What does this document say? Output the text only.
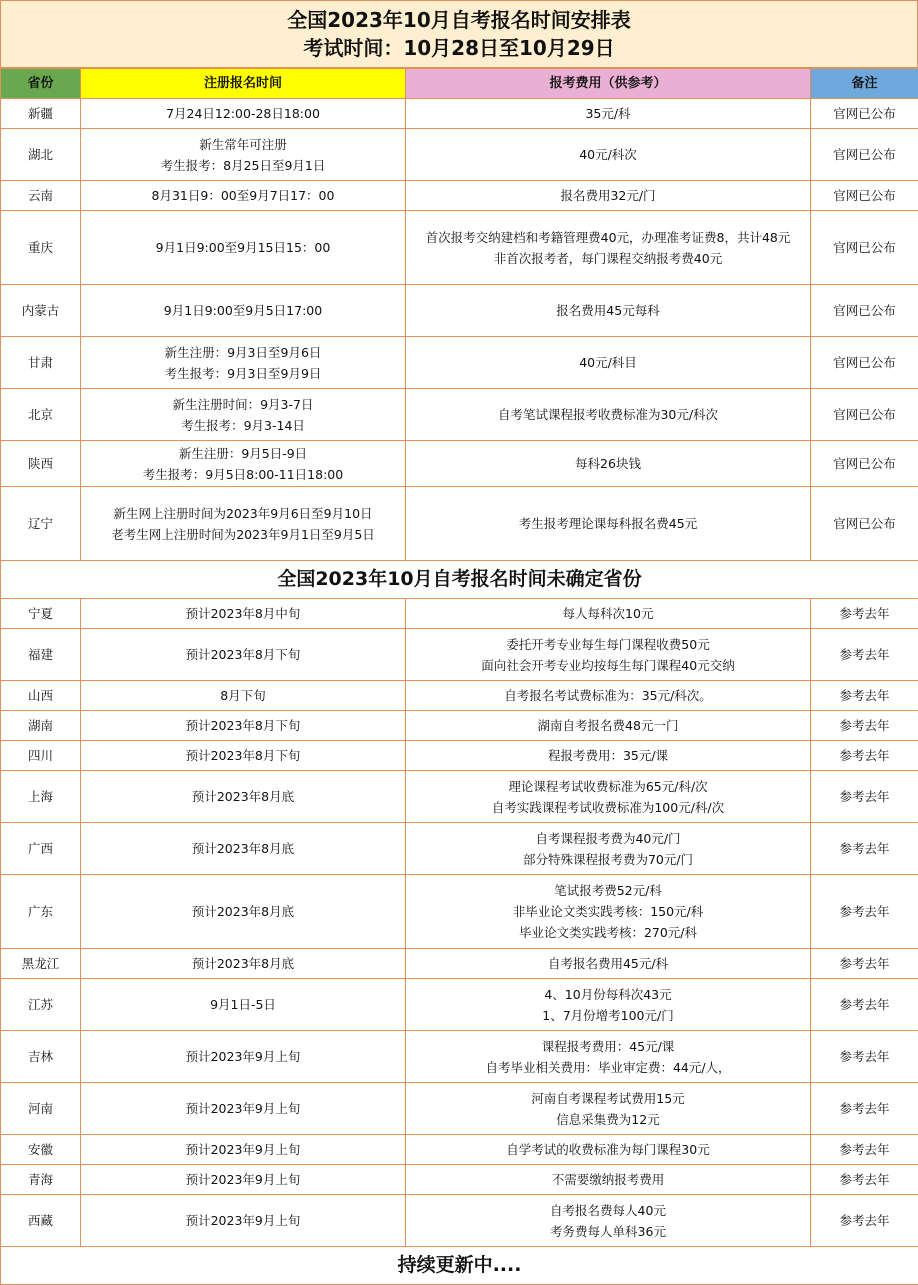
全国2023年10月自考报名时间安排表
考试时间：10月28日至10月29日
省份	注册报名时间	报考费用（供参考）	备注
新疆	7月24日12:00-28日18:00	35元/科	官网已公布
湖北	新生常年可注册
考生报考：8月25日至9月1日	40元/科次	官网已公布
云南	8月31日9：00至9月7日17：00	报名费用32元/门	官网已公布
重庆	9月1日9:00至9月15日15：00	首次报考交纳建档和考籍管理费40元，办理准考证费8，共计48元
非首次报考者，每门课程交纳报考费40元	官网已公布
内蒙古	9月1日9:00至9月5日17:00	报名费用45元每科	官网已公布
甘肃	新生注册：9月3日至9月6日
考生报考：9月3日至9月9日	40元/科目	官网已公布
北京	新生注册时间：9月3-7日
考生报考：9月3-14日	自考笔试课程报考收费标准为30元/科次	官网已公布
陕西	新生注册：9月5日-9日
考生报考：9月5日8:00-11日18:00	每科26块钱	官网已公布
辽宁	新生网上注册时间为2023年9月6日至9月10日
老考生网上注册时间为2023年9月1日至9月5日	考生报考理论课每科报名费45元	官网已公布
全国2023年10月自考报名时间未确定省份			
宁夏	预计2023年8月中旬	每人每科次10元	参考去年
福建	预计2023年8月下旬	委托开考专业每生每门课程收费50元
面向社会开考专业均按每生每门课程40元交纳	参考去年
山西	8月下旬	自考报名考试费标准为：35元/科次。	参考去年
湖南	预计2023年8月下旬	湖南自考报名费48元一门	参考去年
四川	预计2023年8月下旬	程报考费用：35元/课	参考去年
上海	预计2023年8月底	理论课程考试收费标准为65元/科/次
自考实践课程考试收费标准为100元/科/次	参考去年
广西	预计2023年8月底	自考课程报考费为40元/门
部分特殊课程报考费为70元/门	参考去年
广东	预计2023年8月底	笔试报考费52元/科
非毕业论文类实践考核：150元/科
毕业论文类实践考核：270元/科	参考去年
黑龙江	预计2023年8月底	自考报名费用45元/科	参考去年
江苏	9月1日-5日	4、10月份每科次43元
1、7月份增考100元/门	参考去年
吉林	预计2023年9月上旬	课程报考费用：45元/课
自考毕业相关费用：毕业审定费：44元/人，	参考去年
河南	预计2023年9月上旬	河南自考课程考试费用15元
信息采集费为12元	参考去年
安徽	预计2023年9月上旬	自学考试的收费标准为每门课程30元	参考去年
青海	预计2023年9月上旬	不需要缴纳报考费用	参考去年
西藏	预计2023年9月上旬	自考报名费每人40元
考务费每人单科36元	参考去年
持续更新中....			
